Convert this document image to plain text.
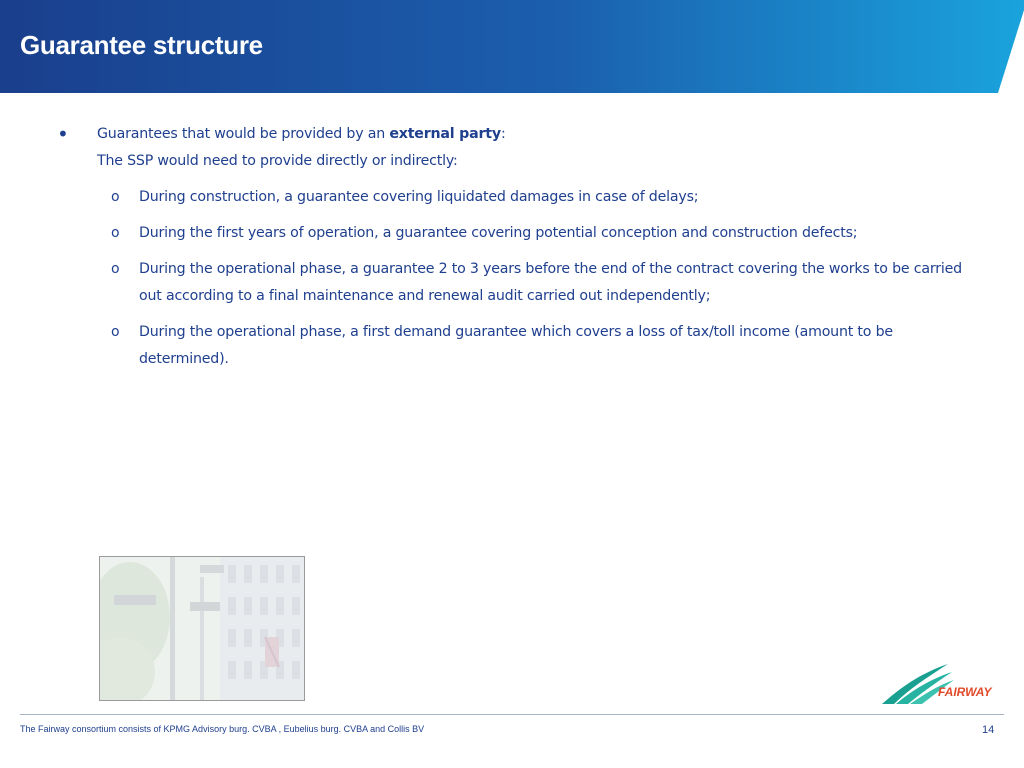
Guarantee structure
• Guarantees that would be provided by an external party:
The SSP would need to provide directly or indirectly:
o During construction, a guarantee covering liquidated damages in case of delays;
o During the first years of operation, a guarantee covering potential conception and construction defects;
o During the operational phase, a guarantee 2 to 3 years before the end of the contract covering the works to be carried
out according to a final maintenance and renewal audit carried out independently;
o During the operational phase, a first demand guarantee which covers a loss of tax/toll income (amount to be
determined).
FAIRWAY
The Fairway consortium consists of KPMG Advisory burg. CVBA , Eubelius burg. CVBA and Collis BV	14
